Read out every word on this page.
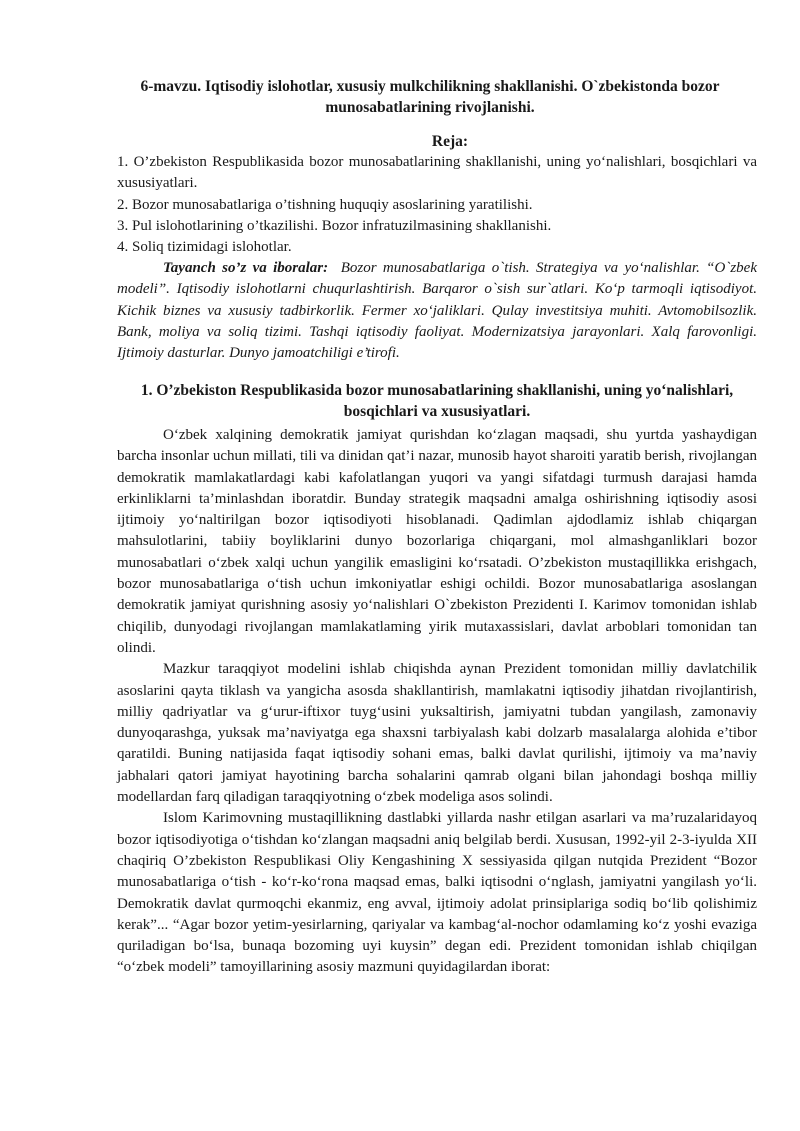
6-mavzu. Iqtisodiy islohotlar, xususiy mulkchilikning shakllanishi. O`zbekistonda bozor munosabatlarining rivojlanishi.
Reja:

1. O’zbekiston Respublikasida bozor munosabatlarining shakllanishi, uning yo‘nalishlari, bosqichlari va xususiyatlari.

2. Bozor munosabatlariga o’tishning huquqiy asoslarining yaratilishi.

3. Pul islohotlarining o’tkazilishi. Bozor infratuzilmasining shakllanishi.

4. Soliq tizimidagi islohotlar.

Tayanch so’z va iboralar: Bozor munosabatlariga o`tish. Strategiya va yo‘nalishlar. “O`zbek modeli”. Iqtisodiy islohotlarni chuqurlashtirish. Barqaror o`sish sur`atlari. Ko‘p tarmoqli iqtisodiyot. Kichik biznes va xususiy tadbirkorlik. Fermer xo‘jaliklari. Qulay investitsiya muhiti. Avtomobilsozlik. Bank, moliya va soliq tizimi. Tashqi iqtisodiy faoliyat. Modernizatsiya jarayonlari. Xalq farovonligi. Ijtimoiy dasturlar. Dunyo jamoatchiligi e’tirofi.

1. O’zbekiston Respublikasida bozor munosabatlarining shakllanishi, uning yo‘nalishlari, bosqichlari va xususiyatlari.

O‘zbek xalqining demokratik jamiyat qurishdan ko‘zlagan maqsadi, shu yurtda yashaydigan barcha insonlar uchun millati, tili va dinidan qat’i nazar, munosib hayot sharoiti yaratib berish, rivojlangan demokratik mamlakatlardagi kabi kafolatlangan yuqori va yangi sifatdagi turmush darajasi hamda erkinliklarni ta’minlashdan iboratdir. Bunday strategik maqsadni amalga oshirishning iqtisodiy asosi ijtimoiy yo‘naltirilgan bozor iqtisodiyoti hisoblanadi. Qadimlan ajdodlamiz ishlab chiqargan mahsulotlarini, tabiiy boyliklarini dunyo bozorlariga chiqargani, mol almashganliklari bozor munosabatlari o‘zbek xalqi uchun yangilik emasligini ko‘rsatadi. O’zbekiston mustaqillikka erishgach, bozor munosabatlariga o‘tish uchun imkoniyatlar eshigi ochildi. Bozor munosabatlariga asoslangan demokratik jamiyat qurishning asosiy yo‘nalishlari O`zbekiston Prezidenti I. Karimov tomonidan ishlab chiqilib, dunyodagi rivojlangan mamlakatlaming yirik mutaxassislari, davlat arboblari tomonidan tan olindi.

Mazkur taraqqiyot modelini ishlab chiqishda aynan Prezident tomonidan milliy davlatchilik asoslarini qayta tiklash va yangicha asosda shakllantirish, mamlakatni iqtisodiy jihatdan rivojlantirish, milliy qadriyatlar va g‘urur-iftixor tuyg‘usini yuksaltirish, jamiyatni tubdan yangilash, zamonaviy dunyoqarashga, yuksak ma’naviyatga ega shaxsni tarbiyalash kabi dolzarb masalalarga alohida e’tibor qaratildi. Buning natijasida faqat iqtisodiy sohani emas, balki davlat qurilishi, ijtimoiy va ma’naviy jabhalari qatori jamiyat hayotining barcha sohalarini qamrab olgani bilan jahondagi boshqa milliy modellardan farq qiladigan taraqqiyotning o‘zbek modeliga asos solindi.

Islom Karimovning mustaqillikning dastlabki yillarda nashr etilgan asarlari va ma’ruzalaridayoq bozor iqtisodiyotiga o‘tishdan ko‘zlangan maqsadni aniq belgilab berdi. Xususan, 1992-yil 2-3-iyulda XII chaqiriq O’zbekiston Respublikasi Oliy Kengashining X sessiyasida qilgan nutqida Prezident “Bozor munosabatlariga o‘tish - ko‘r-ko‘rona maqsad emas, balki iqtisodni o‘nglash, jamiyatni yangilash yo‘li. Demokratik davlat qurmoqchi ekanmiz, eng avval, ijtimoiy adolat prinsiplariga sodiq bo‘lib qolishimiz kerak”... “Agar bozor yetim-yesirlarning, qariyalar va kambag‘al-nochor odamlaming ko‘z yoshi evaziga quriladigan bo‘lsa, bunaqa bozoming uyi kuysin” degan edi. Prezident tomonidan ishlab chiqilgan “o‘zbek modeli” tamoyillarining asosiy mazmuni quyidagilardan iborat:
